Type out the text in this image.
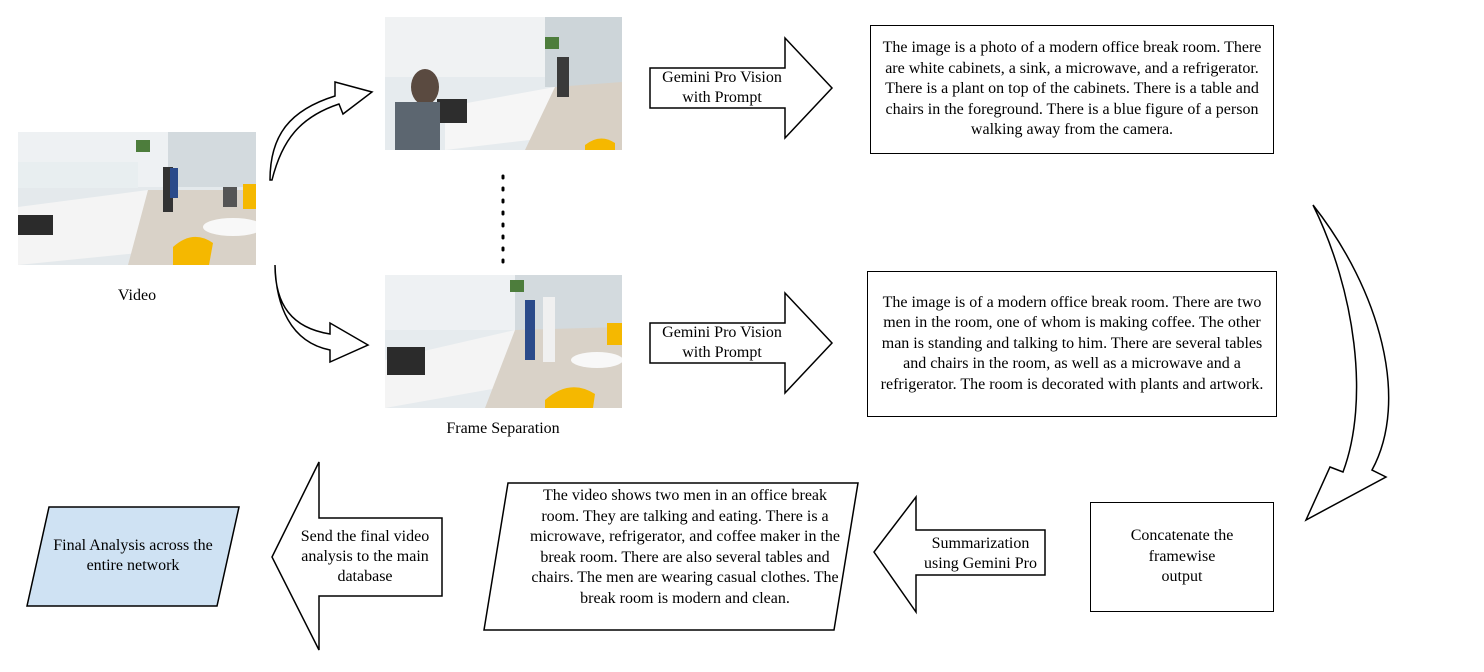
Video
Frame Separation
Gemini Pro Vision with Prompt
Gemini Pro Vision with Prompt
The image is a photo of a modern office break room. There are white cabinets, a sink, a microwave, and a refrigerator. There is a plant on top of the cabinets. There is a table and chairs in the foreground. There is a blue figure of a person walking away from the camera.
The image is of a modern office break room. There are two men in the room, one of whom is making coffee. The other man is standing and talking to him. There are several tables and chairs in the room, as well as a microwave and a refrigerator. The room is decorated with plants and artwork.
Concatenate the framewise output
Summarization using Gemini Pro
The video shows two men in an office break room. They are talking and eating. There is a microwave, refrigerator, and coffee maker in the break room. There are also several tables and chairs. The men are wearing casual clothes. The break room is modern and clean.
Send the final video analysis to the main database
Final Analysis across the entire network
